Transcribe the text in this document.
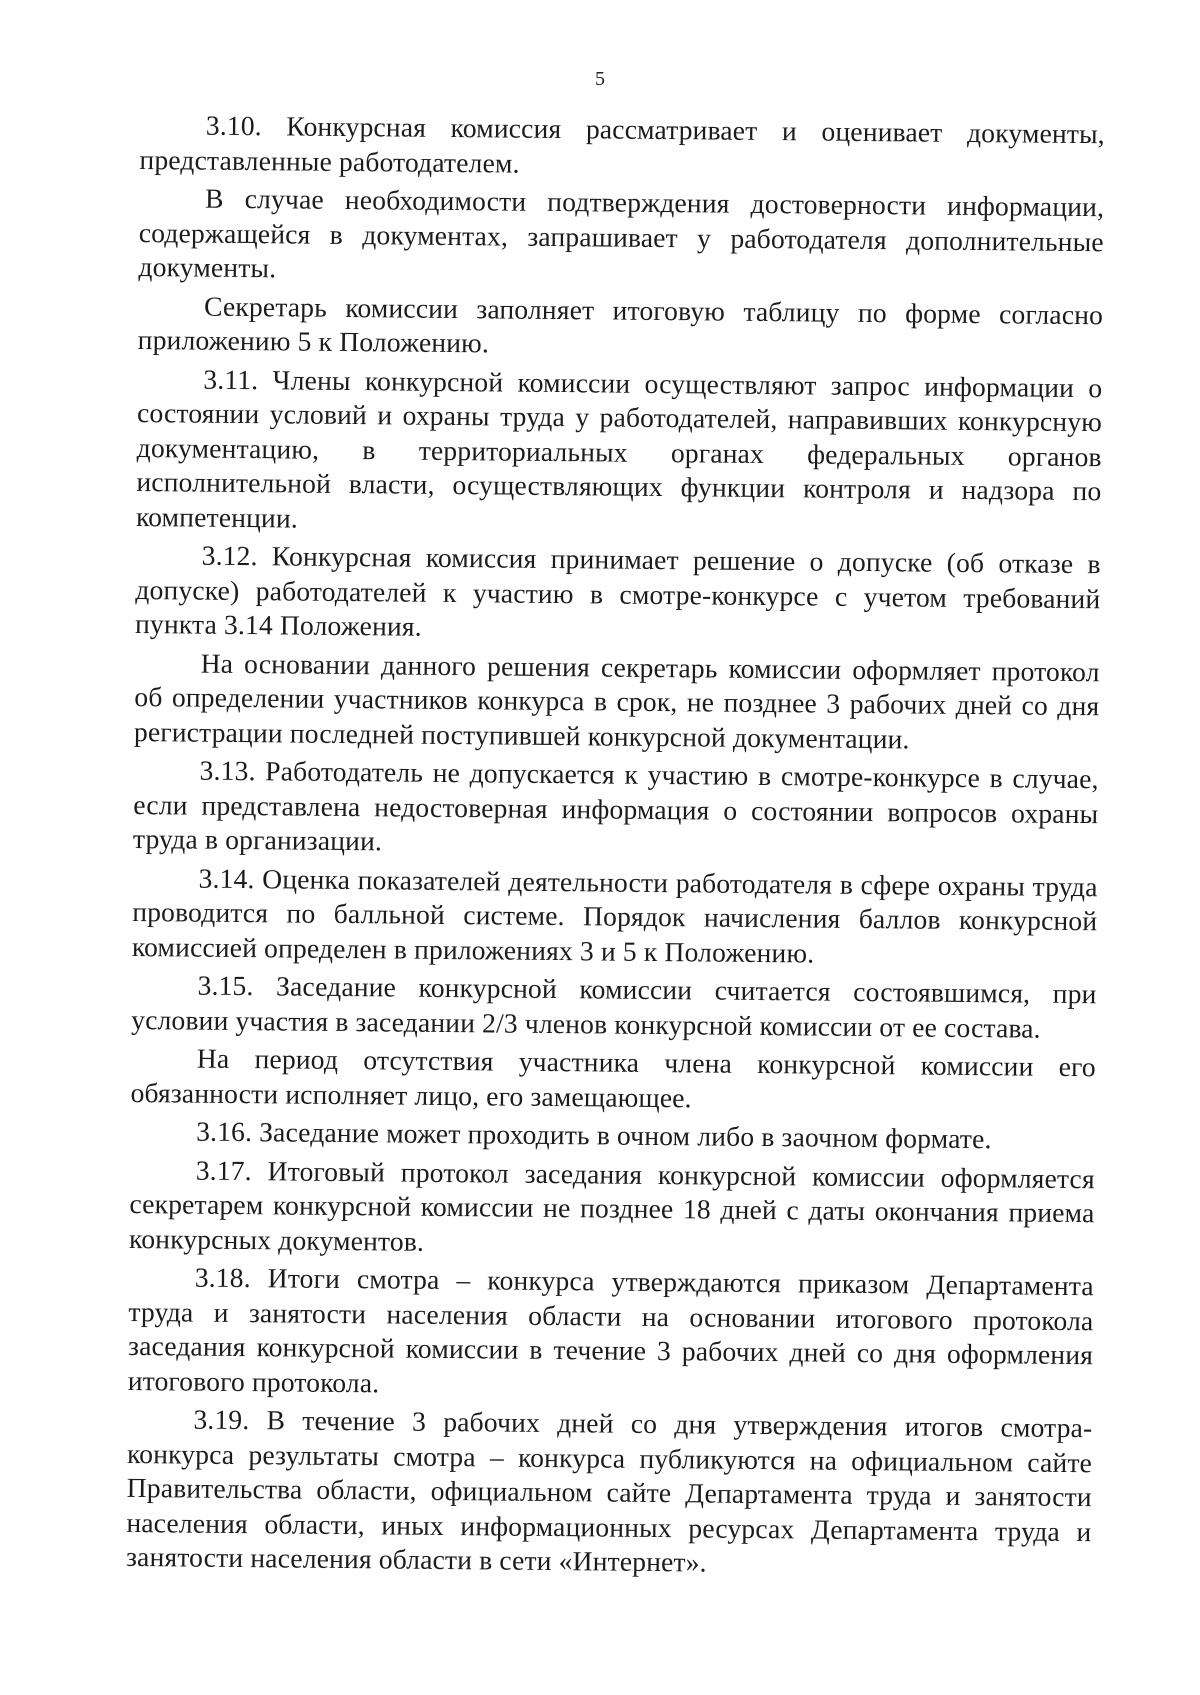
5

3.10. Конкурсная комиссия рассматривает и оценивает документы, представленные работодателем.

В случае необходимости подтверждения достоверности информации, содержащейся в документах, запрашивает у работодателя дополнительные документы.

Секретарь комиссии заполняет итоговую таблицу по форме согласно приложению 5 к Положению.

3.11. Члены конкурсной комиссии осуществляют запрос информации о состоянии условий и охраны труда у работодателей, направивших конкурсную документацию, в территориальных органах федеральных органов исполнительной власти, осуществляющих функции контроля и надзора по компетенции.

3.12. Конкурсная комиссия принимает решение о допуске (об отказе в допуске) работодателей к участию в смотре-конкурсе с учетом требований пункта 3.14 Положения.

На основании данного решения секретарь комиссии оформляет протокол об определении участников конкурса в срок, не позднее 3 рабочих дней со дня регистрации последней поступившей конкурсной документации.

3.13. Работодатель не допускается к участию в смотре-конкурсе в случае, если представлена недостоверная информация о состоянии вопросов охраны труда в организации.

3.14. Оценка показателей деятельности работодателя в сфере охраны труда проводится по балльной системе. Порядок начисления баллов конкурсной комиссией определен в приложениях 3 и 5 к Положению.

3.15. Заседание конкурсной комиссии считается состоявшимся, при условии участия в заседании 2/3 членов конкурсной комиссии от ее состава.

На период отсутствия участника члена конкурсной комиссии его обязанности исполняет лицо, его замещающее.

3.16. Заседание может проходить в очном либо в заочном формате.

3.17. Итоговый протокол заседания конкурсной комиссии оформляется секретарем конкурсной комиссии не позднее 18 дней с даты окончания приема конкурсных документов.

3.18. Итоги смотра – конкурса утверждаются приказом Департамента труда и занятости населения области на основании итогового протокола заседания конкурсной комиссии в течение 3 рабочих дней со дня оформления итогового протокола.

3.19. В течение 3 рабочих дней со дня утверждения итогов смотра-конкурса результаты смотра – конкурса публикуются на официальном сайте Правительства области, официальном сайте Департамента труда и занятости населения области, иных информационных ресурсах Департамента труда и занятости населения области в сети «Интернет».
